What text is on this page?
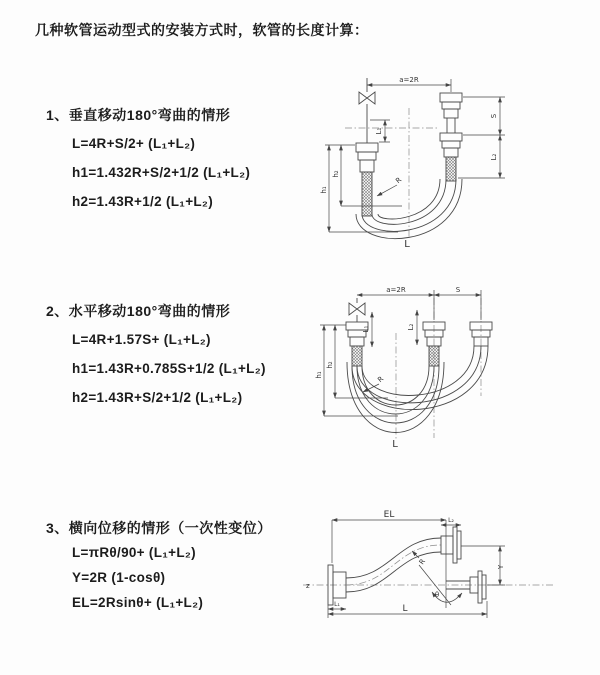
几种软管运动型式的安装方式时，软管的长度计算：
1、垂直移动180°弯曲的情形
L=4R+S/2+ (L₁+L₂)
h1=1.432R+S/2+1/2 (L₁+L₂)
h2=1.43R+1/2 (L₁+L₂)
2、水平移动180°弯曲的情形
L=4R+1.57S+ (L₁+L₂)
h1=1.43R+0.785S+1/2 (L₁+L₂)
h2=1.43R+S/2+1/2 (L₁+L₂)
3、横向位移的情形（一次性变位）
L=πRθ/90+ (L₁+L₂)
Y=2R (1-cosθ)
EL=2Rsinθ+ (L₁+L₂)
a=2R
L₁
S
L₂
h₂
h₁
R
L
a=2R	S
h₁
h₂
L₁	L₂
R
L
z
EL
L₂
Y
R
θ
L
L₁
